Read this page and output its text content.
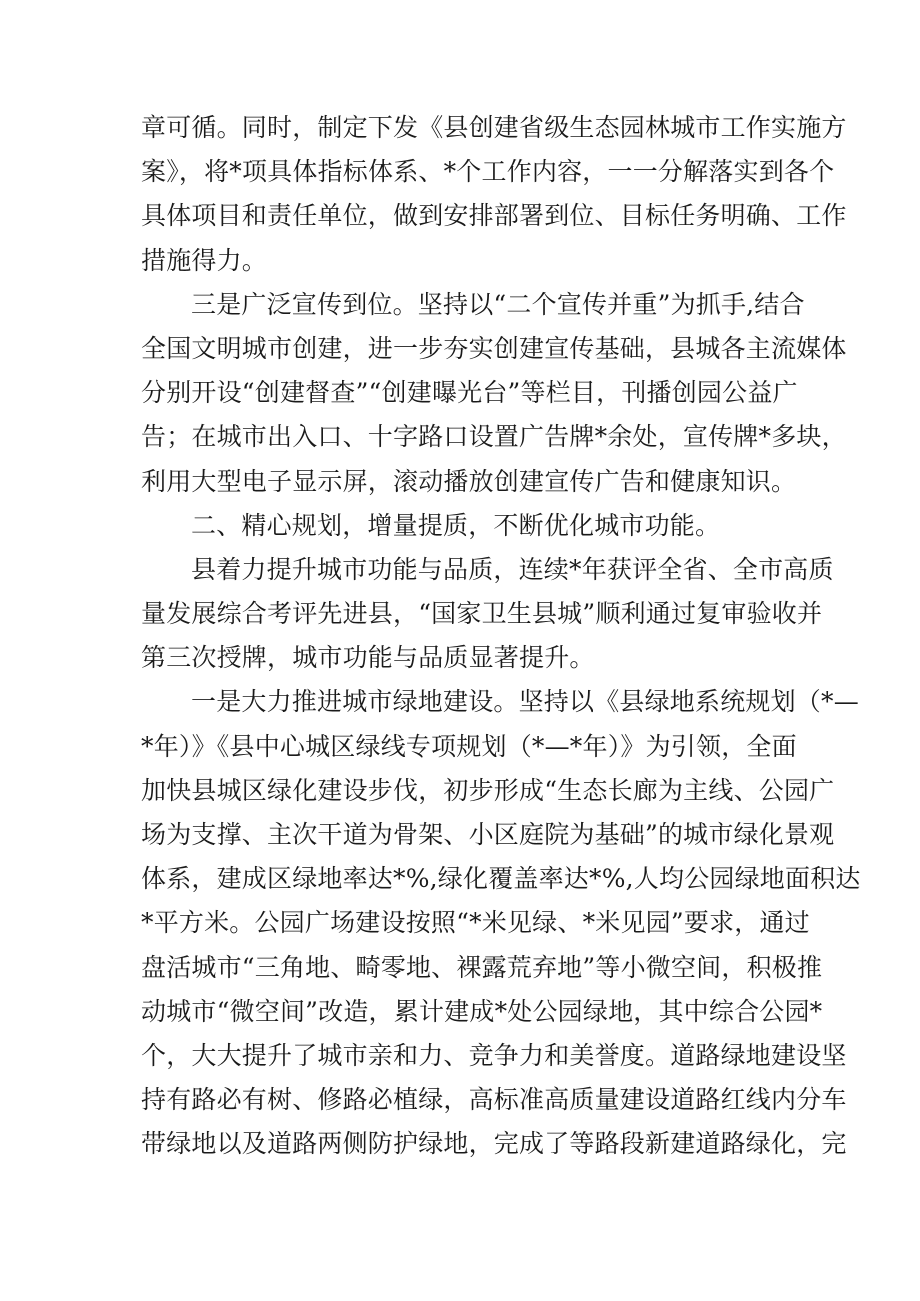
章可循。同时，制定下发《县创建省级生态园林城市工作实施方
案》，将*项具体指标体系、*个工作内容，一一分解落实到各个
具体项目和责任单位，做到安排部署到位、目标任务明确、工作
措施得力。
三是广泛宣传到位。坚持以“二个宣传并重”为抓手,结合
全国文明城市创建，进一步夯实创建宣传基础，县城各主流媒体
分别开设“创建督查”“创建曝光台”等栏目，刊播创园公益广
告；在城市出入口、十字路口设置广告牌*余处，宣传牌*多块，
利用大型电子显示屏，滚动播放创建宣传广告和健康知识。
二、精心规划，增量提质，不断优化城市功能。
县着力提升城市功能与品质，连续*年获评全省、全市高质
量发展综合考评先进县，“国家卫生县城”顺利通过复审验收并
第三次授牌，城市功能与品质显著提升。
一是大力推进城市绿地建设。坚持以《县绿地系统规划（*—
*年）》《县中心城区绿线专项规划（*—*年）》为引领，全面
加快县城区绿化建设步伐，初步形成“生态长廊为主线、公园广
场为支撑、主次干道为骨架、小区庭院为基础”的城市绿化景观
体系，建成区绿地率达*%,绿化覆盖率达*%,人均公园绿地面积达
*平方米。公园广场建设按照“*米见绿、*米见园”要求，通过
盘活城市“三角地、畸零地、裸露荒弃地”等小微空间，积极推
动城市“微空间”改造，累计建成*处公园绿地，其中综合公园*
个，大大提升了城市亲和力、竞争力和美誉度。道路绿地建设坚
持有路必有树、修路必植绿，高标准高质量建设道路红线内分车
带绿地以及道路两侧防护绿地，完成了等路段新建道路绿化，完
